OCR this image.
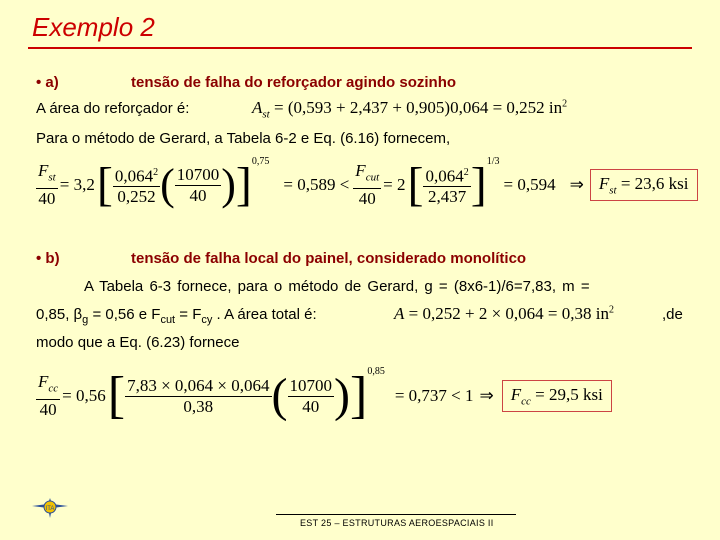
Exemplo 2
• a)	tensão de falha do reforçador agindo sozinho
A área do reforçador é:	$A_{st} = (0,593 + 2,437 + 0,905)0,064 = 0,252$ $in^2$
Para o método de Gerard, a Tabela 6-2 e Eq. (6.16) fornecem,
$\frac{F_{st}}{40} = 3,2$ [ $\frac{0,064^2}{0,252}$ ( $\frac{10700}{40}$ ) ] 0,75
= $0,589 < \frac{F_{cut}}{40} = 2$ [ $\frac{0,064^2}{2,437}$ ] 1/3
= 0,594 ⇒ $F_{st} = 23,6$ ksi
• b)	tensão de falha local do painel, considerado monolítico
A Tabela 6-3 fornece, para o método de Gerard, g = (8x6-1)/6=7,83, m =
0,85, $\beta_g = 0,56$ e $F_{cut} = F_{cy}$ . A área total é:	A = 0,252 + 2 × 0,064 = 0,38 $in^2$	,de
modo que a Eq. (6.23) fornece
$\frac{F_{cc}}{40} = 0,56$ [ $\frac{7,83 \times 0,064 \times 0,064}{0,38}$ ( $\frac{10700}{40}$ ) ] 0,85
= 0,737 < 1 ⇒	$F_{cc} = 29,5$ ksi
ITA
EST 25 – ESTRUTURAS AEROESPACIAIS II
